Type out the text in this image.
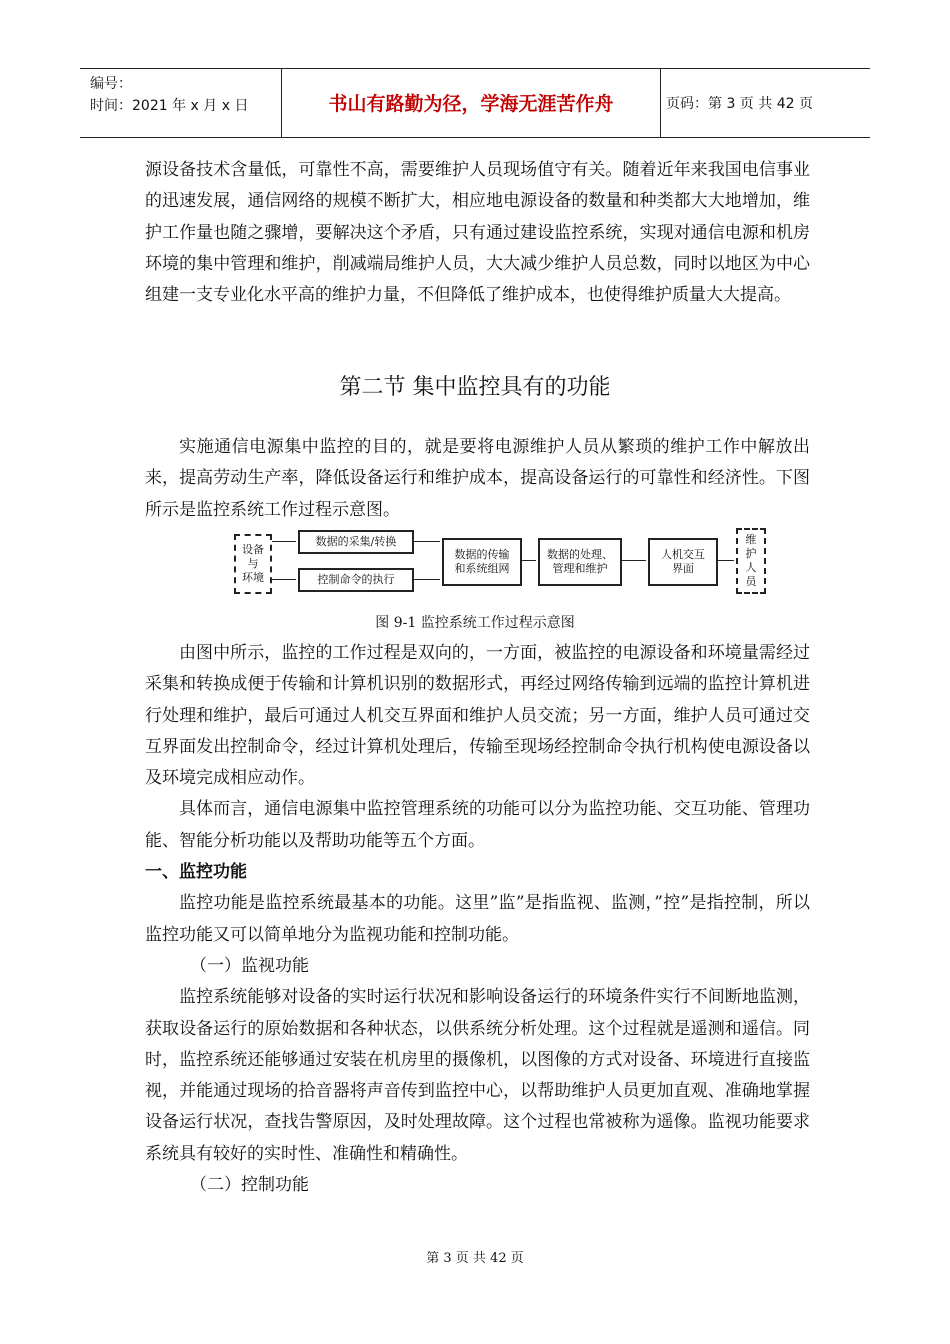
编号：
时间：2021 年 x 月 x 日	书山有路勤为径，学海无涯苦作舟	页码：第 3 页 共 42 页

源设备技术含量低，可靠性不高，需要维护人员现场值守有关。随着近年来我国电信事业的迅速发展，通信网络的规模不断扩大，相应地电源设备的数量和种类都大大地增加，维护工作量也随之骤增，要解决这个矛盾，只有通过建设监控系统，实现对通信电源和机房环境的集中管理和维护，削减端局维护人员，大大减少维护人员总数，同时以地区为中心组建一支专业化水平高的维护力量，不但降低了维护成本，也使得维护质量大大提高。

第二节 集中监控具有的功能

实施通信电源集中监控的目的，就是要将电源维护人员从繁琐的维护工作中解放出来，提高劳动生产率，降低设备运行和维护成本，提高设备运行的可靠性和经济性。下图所示是监控系统工作过程示意图。

设备
与
环境
数据的采集/转换
控制命令的执行
数据的传输
和系统组网
数据的处理、
管理和维护
人机交互
界面
维
护
人
员
图 9-1 监控系统工作过程示意图

由图中所示，监控的工作过程是双向的，一方面，被监控的电源设备和环境量需经过采集和转换成便于传输和计算机识别的数据形式，再经过网络传输到远端的监控计算机进行处理和维护，最后可通过人机交互界面和维护人员交流；另一方面，维护人员可通过交互界面发出控制命令，经过计算机处理后，传输至现场经控制命令执行机构使电源设备以及环境完成相应动作。

具体而言，通信电源集中监控管理系统的功能可以分为监控功能、交互功能、管理功能、智能分析功能以及帮助功能等五个方面。

一、监控功能

监控功能是监控系统最基本的功能。这里”监”是指监视、监测，”控”是指控制，所以监控功能又可以简单地分为监视功能和控制功能。

（一）监视功能

监控系统能够对设备的实时运行状况和影响设备运行的环境条件实行不间断地监测，获取设备运行的原始数据和各种状态，以供系统分析处理。这个过程就是遥测和遥信。同时，监控系统还能够通过安装在机房里的摄像机，以图像的方式对设备、环境进行直接监视，并能通过现场的拾音器将声音传到监控中心，以帮助维护人员更加直观、准确地掌握设备运行状况，查找告警原因，及时处理故障。这个过程也常被称为遥像。监视功能要求系统具有较好的实时性、准确性和精确性。

（二）控制功能

第 3 页 共 42 页
